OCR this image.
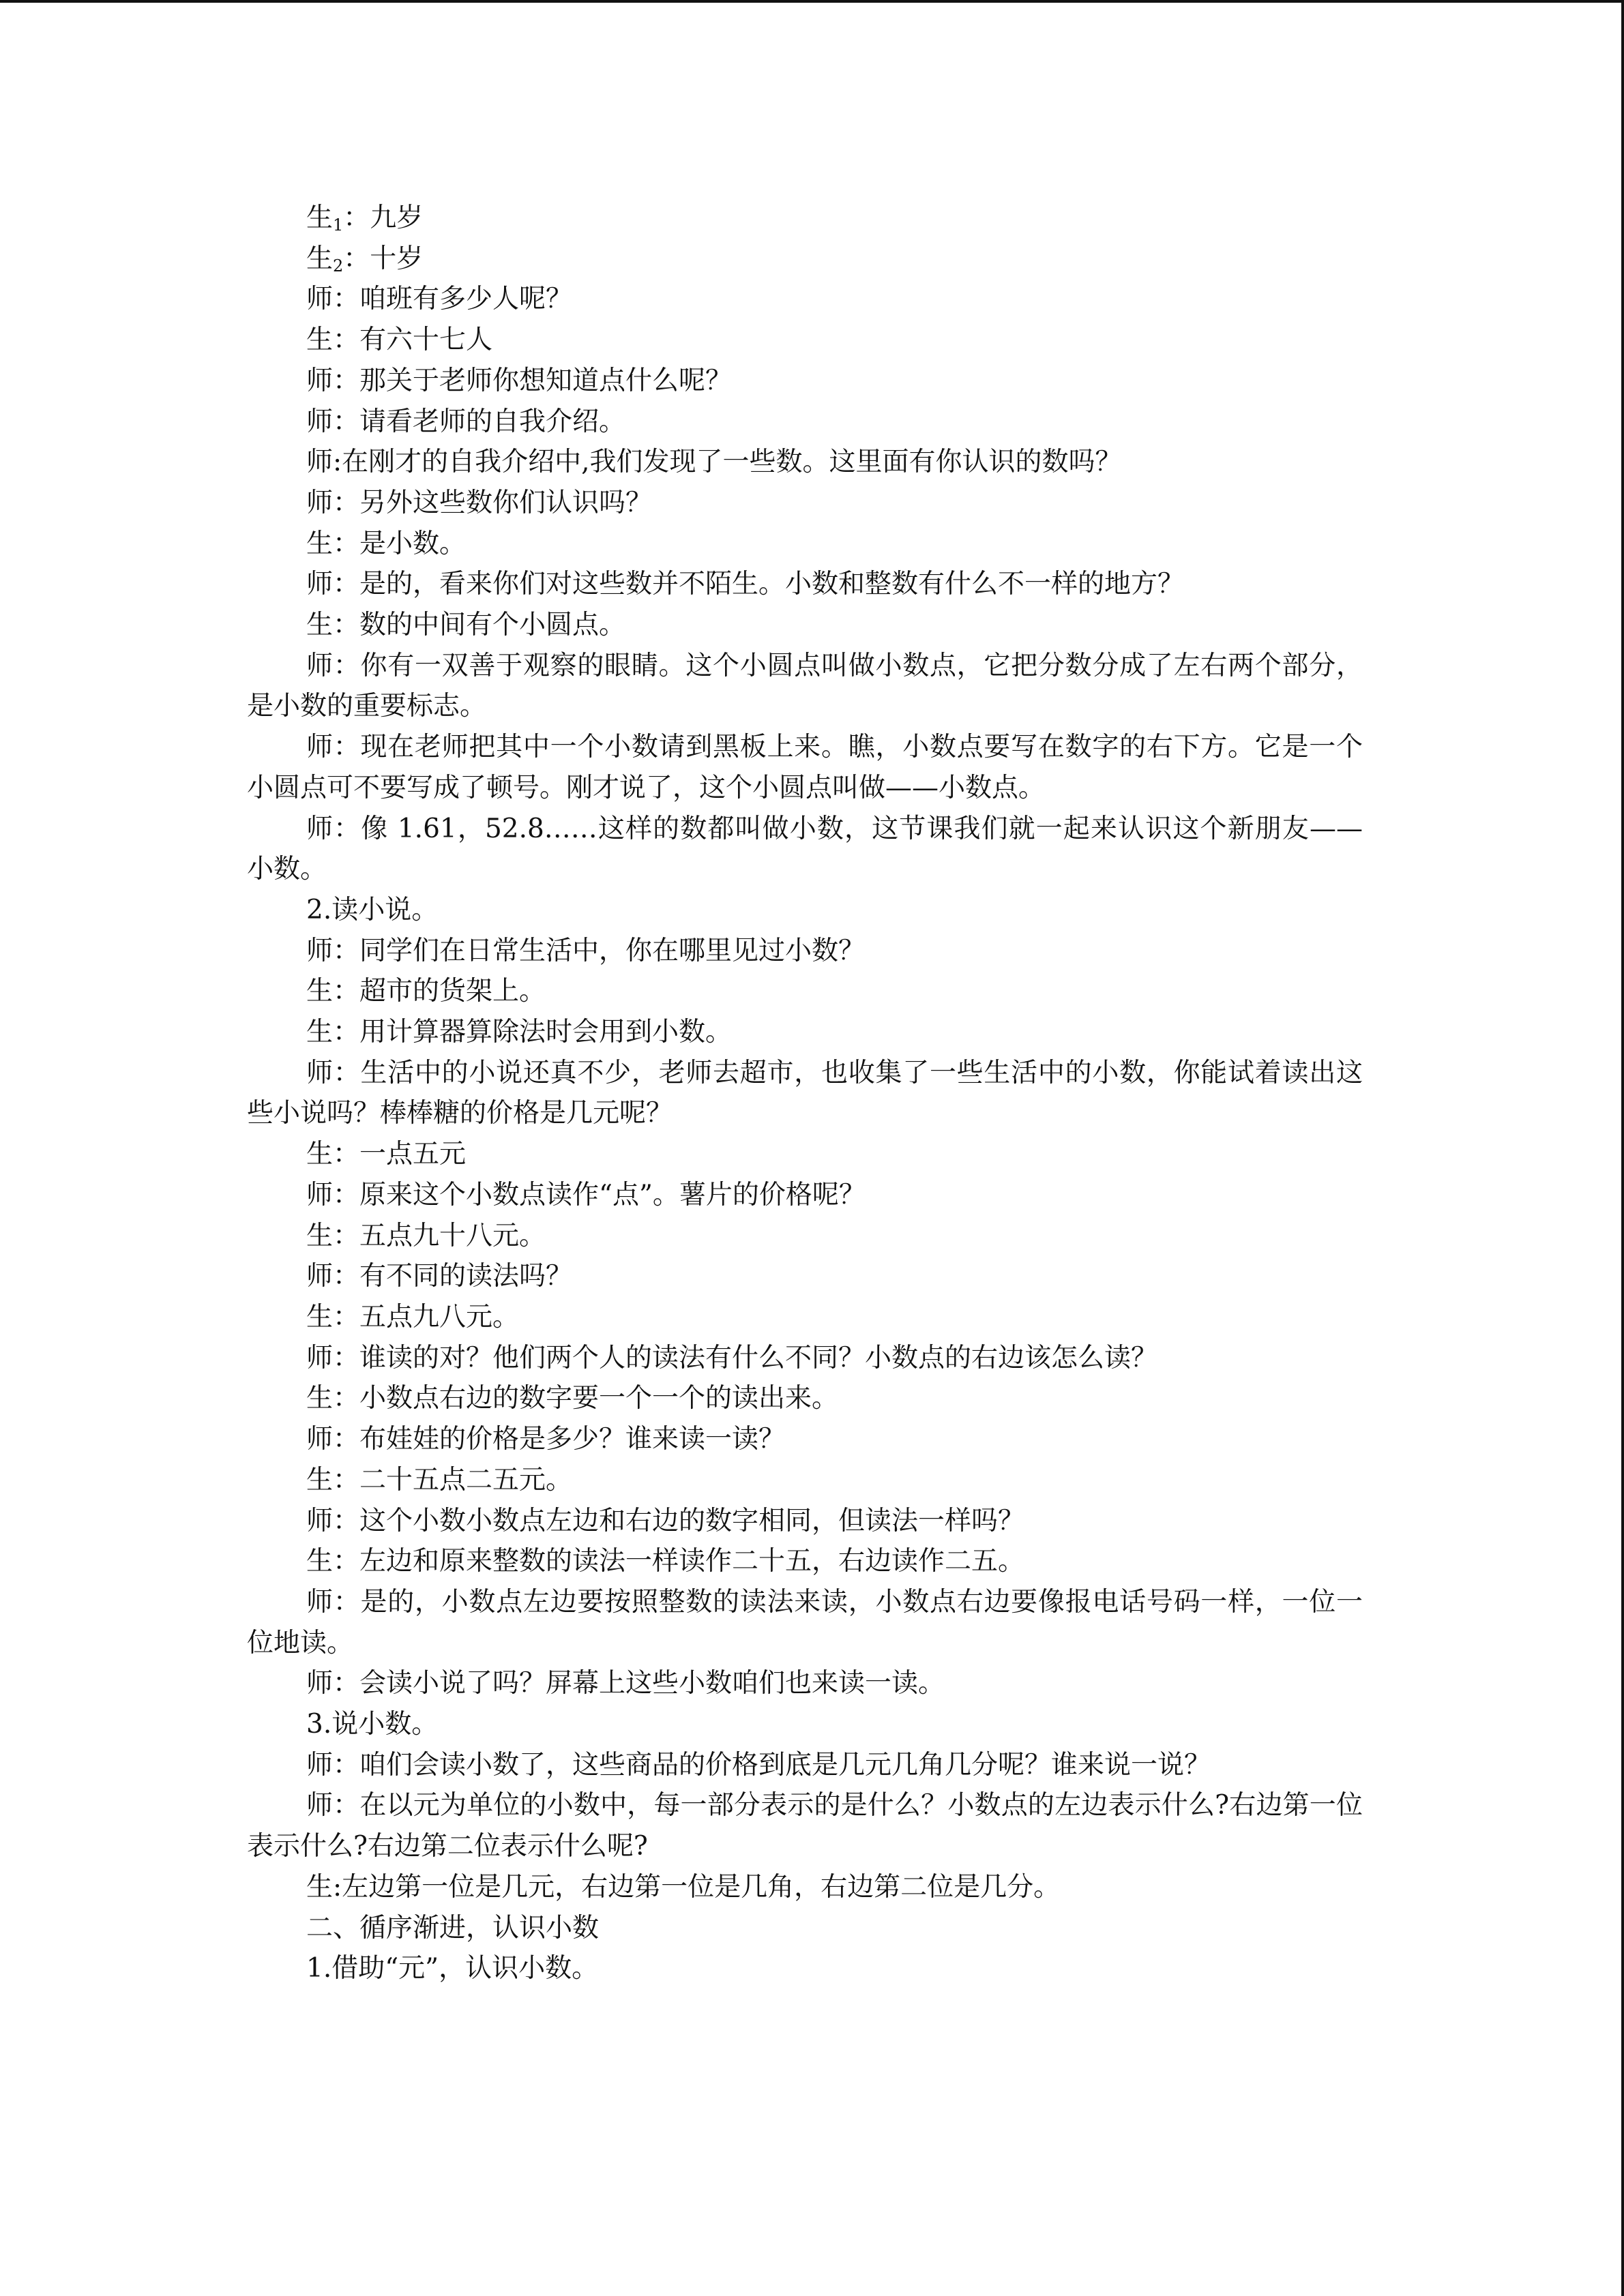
生$_1$：九岁

生$_2$：十岁

师：咱班有多少人呢？

生：有六十七人

师：那关于老师你想知道点什么呢？

师：请看老师的自我介绍。

师:在刚才的自我介绍中,我们发现了一些数。这里面有你认识的数吗？

师：另外这些数你们认识吗？

生：是小数。

师：是的，看来你们对这些数并不陌生。小数和整数有什么不一样的地方？

生：数的中间有个小圆点。

师：你有一双善于观察的眼睛。这个小圆点叫做小数点，它把分数分成了左右两个部分，是小数的重要标志。

师：现在老师把其中一个小数请到黑板上来。瞧，小数点要写在数字的右下方。它是一个小圆点可不要写成了顿号。刚才说了，这个小圆点叫做——小数点。

师：像 1.61，52.8……这样的数都叫做小数，这节课我们就一起来认识这个新朋友——小数。

2.读小说。

师：同学们在日常生活中，你在哪里见过小数？

生：超市的货架上。

生：用计算器算除法时会用到小数。

师：生活中的小说还真不少，老师去超市，也收集了一些生活中的小数，你能试着读出这些小说吗？棒棒糖的价格是几元呢？

生：一点五元

师：原来这个小数点读作“点”。薯片的价格呢？

生：五点九十八元。

师：有不同的读法吗？

生：五点九八元。

师：谁读的对？他们两个人的读法有什么不同？小数点的右边该怎么读？

生：小数点右边的数字要一个一个的读出来。

师：布娃娃的价格是多少？谁来读一读？

生：二十五点二五元。

师：这个小数小数点左边和右边的数字相同，但读法一样吗？

生：左边和原来整数的读法一样读作二十五，右边读作二五。

师：是的，小数点左边要按照整数的读法来读，小数点右边要像报电话号码一样，一位一位地读。

师：会读小说了吗？屏幕上这些小数咱们也来读一读。

3.说小数。

师：咱们会读小数了，这些商品的价格到底是几元几角几分呢？谁来说一说？

师：在以元为单位的小数中，每一部分表示的是什么？小数点的左边表示什么?右边第一位表示什么?右边第二位表示什么呢?

生:左边第一位是几元，右边第一位是几角，右边第二位是几分。

二、循序渐进，认识小数

1.借助“元”，认识小数。
